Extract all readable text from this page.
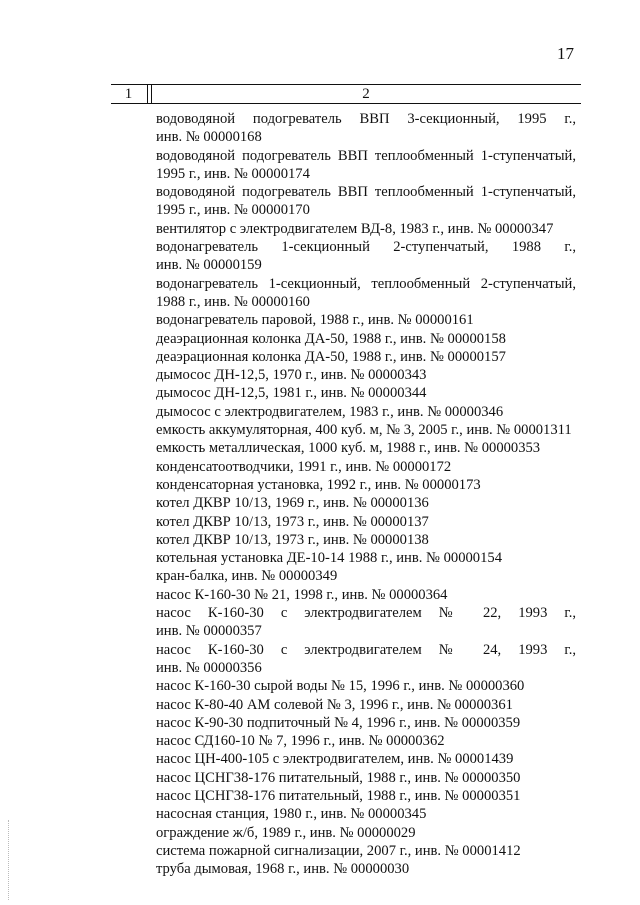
17
1	2
водоводяной подогреватель ВВП 3-секционный, 1995 г.,
инв. № 00000168
водоводяной подогреватель ВВП теплообменный 1-ступенчатый,
1995 г., инв. № 00000174
водоводяной подогреватель ВВП теплообменный 1-ступенчатый,
1995 г., инв. № 00000170
вентилятор с электродвигателем ВД-8, 1983 г., инв. № 00000347
водонагреватель 1-секционный 2-ступенчатый, 1988 г.,
инв. № 00000159
водонагреватель 1-секционный, теплообменный 2-ступенчатый,
1988 г., инв. № 00000160
водонагреватель паровой, 1988 г., инв. № 00000161
деаэрационная колонка ДА-50, 1988 г., инв. № 00000158
деаэрационная колонка ДА-50, 1988 г., инв. № 00000157
дымосос ДН-12,5, 1970 г., инв. № 00000343
дымосос ДН-12,5, 1981 г., инв. № 00000344
дымосос с электродвигателем, 1983 г., инв. № 00000346
емкость аккумуляторная, 400 куб. м, № 3, 2005 г., инв. № 00001311
емкость металлическая, 1000 куб. м, 1988 г., инв. № 00000353
конденсатоотводчики, 1991 г., инв. № 00000172
конденсаторная установка, 1992 г., инв. № 00000173
котел ДКВР 10/13, 1969 г., инв. № 00000136
котел ДКВР 10/13, 1973 г., инв. № 00000137
котел ДКВР 10/13, 1973 г., инв. № 00000138
котельная установка ДЕ-10-14 1988 г., инв. № 00000154
кран-балка, инв. № 00000349
насос К-160-30 № 21, 1998 г., инв. № 00000364
насос К-160-30 с электродвигателем № 22, 1993 г.,
инв. № 00000357
насос К-160-30 с электродвигателем № 24, 1993 г.,
инв. № 00000356
насос К-160-30 сырой воды № 15, 1996 г., инв. № 00000360
насос К-80-40 АМ солевой № 3, 1996 г., инв. № 00000361
насос К-90-30 подпиточный № 4, 1996 г., инв. № 00000359
насос СД160-10 № 7, 1996 г., инв. № 00000362
насос ЦН-400-105 с электродвигателем, инв. № 00001439
насос ЦСНГ38-176 питательный, 1988 г., инв. № 00000350
насос ЦСНГ38-176 питательный, 1988 г., инв. № 00000351
насосная станция, 1980 г., инв. № 00000345
ограждение ж/б, 1989 г., инв. № 00000029
система пожарной сигнализации, 2007 г., инв. № 00001412
труба дымовая, 1968 г., инв. № 00000030
